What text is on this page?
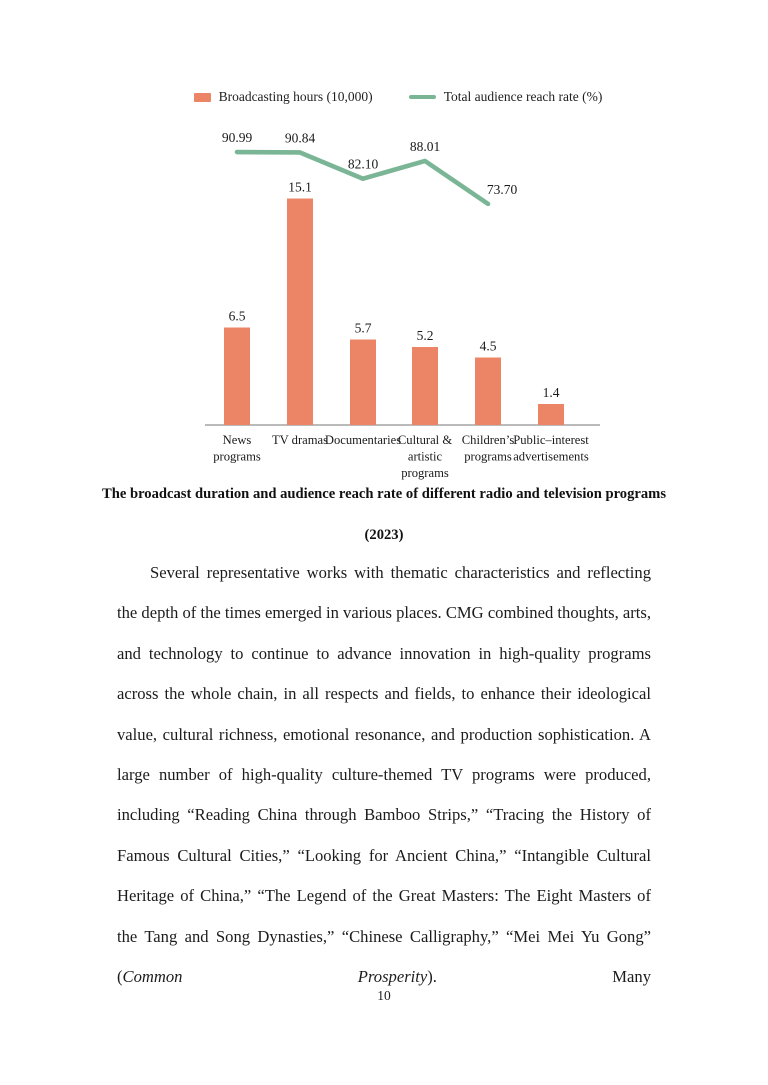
Broadcasting hours (10,000)	Total audience reach rate (%)
6.5
15.1
5.7	5.2
4.5
1.4
90.99 90.84
82.10
88.01
73.70
News
programs
TV dramas
Documentaries
Cultural &
artistic
programs
Children’s
programs
Public–interest
advertisements
The broadcast duration and audience reach rate of different radio and television programs
(2023)

Several representative works with thematic characteristics and reflecting the depth of the times emerged in various places. CMG combined thoughts, arts, and technology to continue to advance innovation in high-quality programs across the whole chain, in all respects and fields, to enhance their ideological value, cultural richness, emotional resonance, and production sophistication. A large number of high-quality culture-themed TV programs were produced, including “Reading China through Bamboo Strips,” “Tracing the History of Famous Cultural Cities,” “Looking for Ancient China,” “Intangible Cultural Heritage of China,” “The Legend of the Great Masters: The Eight Masters of the Tang and Song Dynasties,” “Chinese Calligraphy,” “Mei Mei Yu Gong” (Common Prosperity). Many

10
